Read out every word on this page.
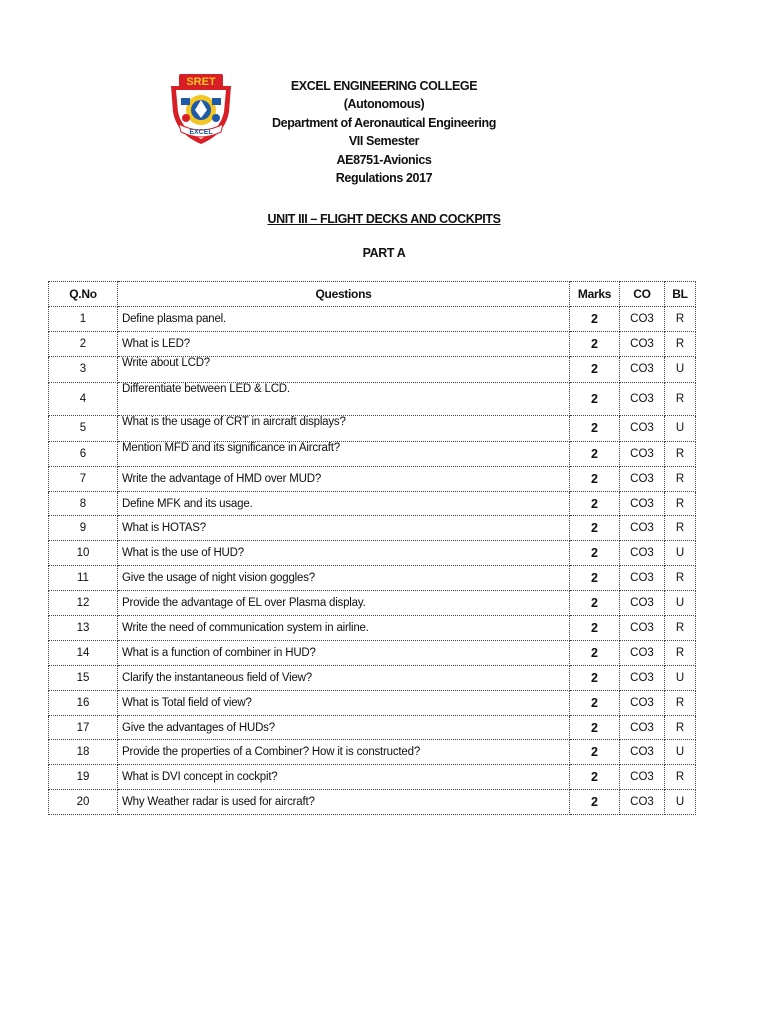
SRET
EXCEL
EXCEL ENGINEERING COLLEGE
(Autonomous)
Department of Aeronautical Engineering
VII Semester
AE8751-Avionics
Regulations 2017
UNIT III – FLIGHT DECKS AND COCKPITS
PART A
Q.No	Questions	Marks	CO	BL
1	Define plasma panel.	2	CO3	R
2	What is LED?	2	CO3	R
3	Write about LCD?	2	CO3	U
4	Differentiate between LED & LCD.	2	CO3	R
5	What is the usage of CRT in aircraft displays?	2	CO3	U
6	Mention MFD and its significance in Aircraft?	2	CO3	R
7	Write the advantage of HMD over MUD?	2	CO3	R
8	Define MFK and its usage.	2	CO3	R
9	What is HOTAS?	2	CO3	R
10	What is the use of HUD?	2	CO3	U
11	Give the usage of night vision goggles?	2	CO3	R
12	Provide the advantage of EL over Plasma display.	2	CO3	U
13	Write the need of communication system in airline.	2	CO3	R
14	What is a function of combiner in HUD?	2	CO3	R
15	Clarify the instantaneous field of View?	2	CO3	U
16	What is Total field of view?	2	CO3	R
17	Give the advantages of HUDs?	2	CO3	R
18	Provide the properties of a Combiner? How it is constructed?	2	CO3	U
19	What is DVI concept in cockpit?	2	CO3	R
20	Why Weather radar is used for aircraft?	2	CO3	U
